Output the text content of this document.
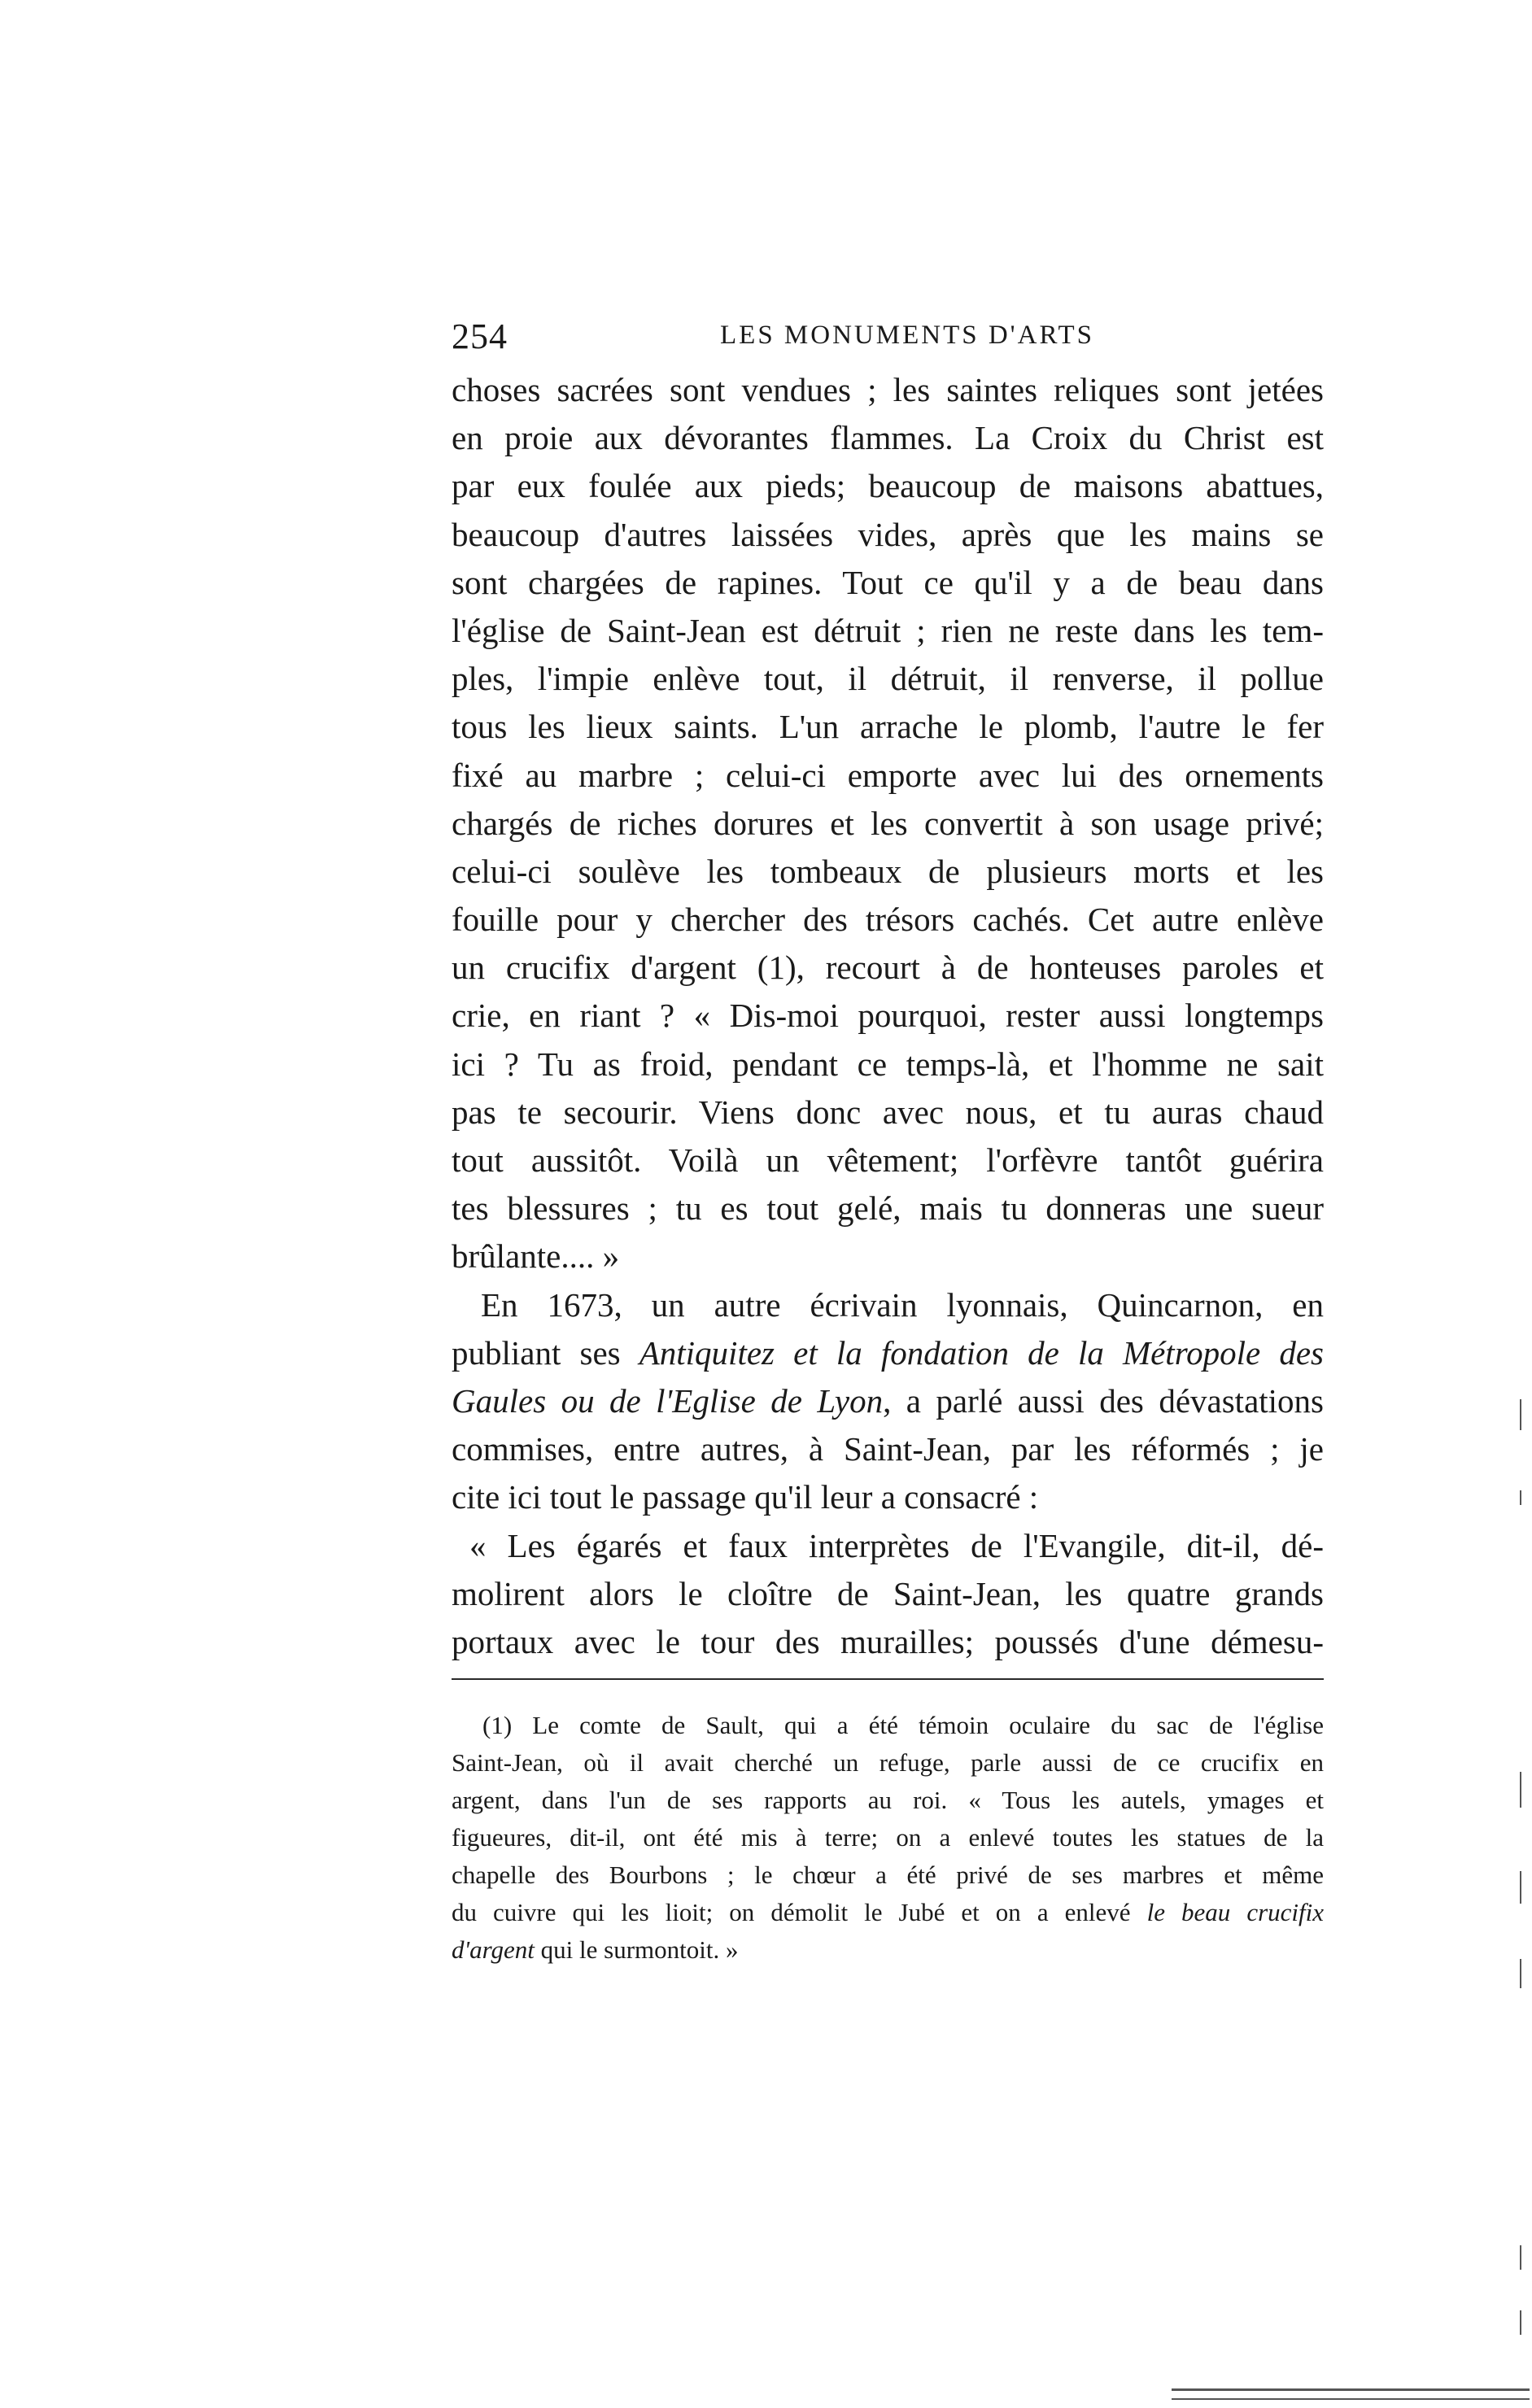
254	LES MONUMENTS D'ARTS
choses sacrées sont vendues ; les saintes reliques sont jetées
en proie aux dévorantes flammes. La Croix du Christ est
par eux foulée aux pieds; beaucoup de maisons abattues,
beaucoup d'autres laissées vides, après que les mains se
sont chargées de rapines. Tout ce qu'il y a de beau dans
l'église de Saint-Jean est détruit ; rien ne reste dans les tem-
ples, l'impie enlève tout, il détruit, il renverse, il pollue
tous les lieux saints. L'un arrache le plomb, l'autre le fer
fixé au marbre ; celui-ci emporte avec lui des ornements
chargés de riches dorures et les convertit à son usage privé;
celui-ci soulève les tombeaux de plusieurs morts et les
fouille pour y chercher des trésors cachés. Cet autre enlève
un crucifix d'argent (1), recourt à de honteuses paroles et
crie, en riant ? « Dis-moi pourquoi, rester aussi longtemps
ici ? Tu as froid, pendant ce temps-là, et l'homme ne sait
pas te secourir. Viens donc avec nous, et tu auras chaud
tout aussitôt. Voilà un vêtement; l'orfèvre tantôt guérira
tes blessures ; tu es tout gelé, mais tu donneras une sueur
brûlante.... »
En 1673, un autre écrivain lyonnais, Quincarnon, en
publiant ses Antiquitez et la fondation de la Métropole des
Gaules ou de l'Eglise de Lyon, a parlé aussi des dévastations
commises, entre autres, à Saint-Jean, par les réformés ; je
cite ici tout le passage qu'il leur a consacré :
« Les égarés et faux interprètes de l'Evangile, dit-il, dé-
molirent alors le cloître de Saint-Jean, les quatre grands
portaux avec le tour des murailles; poussés d'une démesu-
(1) Le comte de Sault, qui a été témoin oculaire du sac de l'église
Saint-Jean, où il avait cherché un refuge, parle aussi de ce crucifix en
argent, dans l'un de ses rapports au roi. « Tous les autels, ymages et
figueures, dit-il, ont été mis à terre; on a enlevé toutes les statues de la
chapelle des Bourbons ; le chœur a été privé de ses marbres et même
du cuivre qui les lioit; on démolit le Jubé et on a enlevé le beau crucifix
d'argent qui le surmontoit. »
